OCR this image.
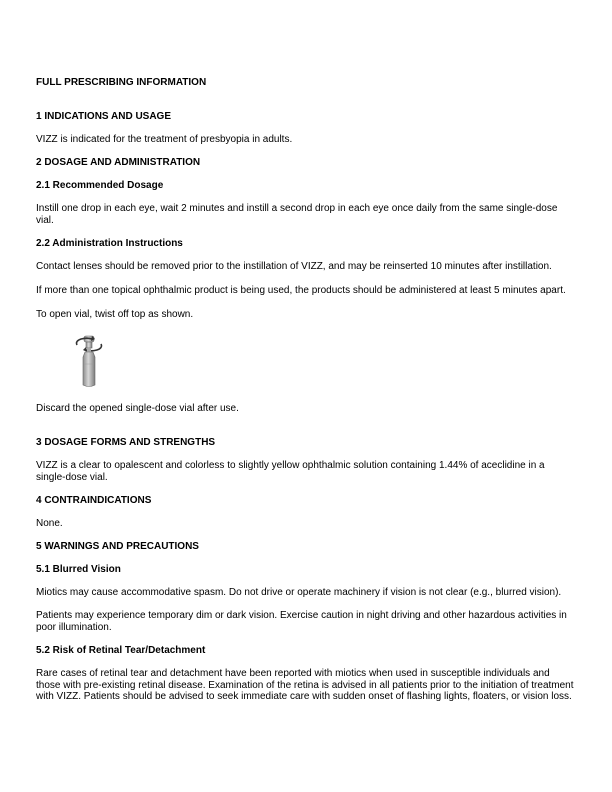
FULL PRESCRIBING INFORMATION

1 INDICATIONS AND USAGE

VIZZ is indicated for the treatment of presbyopia in adults.

2 DOSAGE AND ADMINISTRATION

2.1 Recommended Dosage

Instill one drop in each eye, wait 2 minutes and instill a second drop in each eye once daily from the same single-dose vial.

2.2 Administration Instructions

Contact lenses should be removed prior to the instillation of VIZZ, and may be reinserted 10 minutes after instillation.

If more than one topical ophthalmic product is being used, the products should be administered at least 5 minutes apart.

To open vial, twist off top as shown.

Discard the opened single-dose vial after use.

3 DOSAGE FORMS AND STRENGTHS

VIZZ is a clear to opalescent and colorless to slightly yellow ophthalmic solution containing 1.44% of aceclidine in a single-dose vial.

4 CONTRAINDICATIONS

None.

5 WARNINGS AND PRECAUTIONS

5.1 Blurred Vision

Miotics may cause accommodative spasm. Do not drive or operate machinery if vision is not clear (e.g., blurred vision).

Patients may experience temporary dim or dark vision. Exercise caution in night driving and other hazardous activities in poor illumination.

5.2 Risk of Retinal Tear/Detachment

Rare cases of retinal tear and detachment have been reported with miotics when used in susceptible individuals and those with pre-existing retinal disease. Examination of the retina is advised in all patients prior to the initiation of treatment with VIZZ. Patients should be advised to seek immediate care with sudden onset of flashing lights, floaters, or vision loss.
